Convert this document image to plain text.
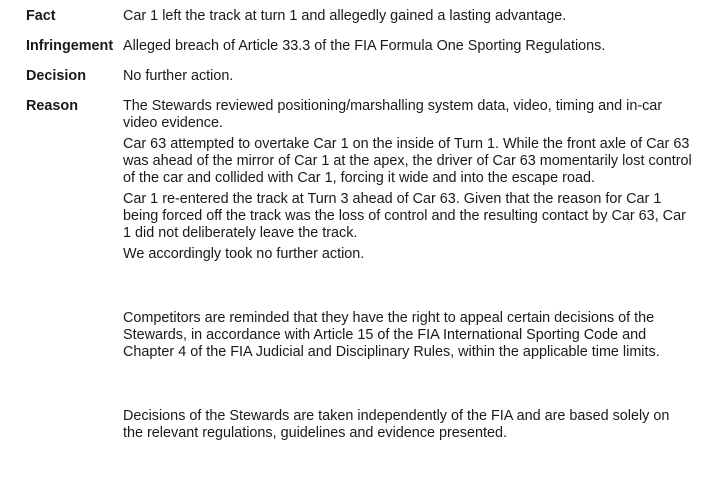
Fact	Car 1 left the track at turn 1 and allegedly gained a lasting advantage.
Infringement Alleged breach of Article 33.3 of the FIA Formula One Sporting Regulations.
Decision	No further action.
Reason	The Stewards reviewed positioning/marshalling system data, video, timing and in-car video evidence.

Car 63 attempted to overtake Car 1 on the inside of Turn 1. While the front axle of Car 63 was ahead of the mirror of Car 1 at the apex, the driver of Car 63 momentarily lost control of the car and collided with Car 1, forcing it wide and into the escape road.

Car 1 re-entered the track at Turn 3 ahead of Car 63. Given that the reason for Car 1 being forced off the track was the loss of control and the resulting contact by Car 63, Car 1 did not deliberately leave the track.

We accordingly took no further action.

Competitors are reminded that they have the right to appeal certain decisions of the Stewards, in accordance with Article 15 of the FIA International Sporting Code and Chapter 4 of the FIA Judicial and Disciplinary Rules, within the applicable time limits.

Decisions of the Stewards are taken independently of the FIA and are based solely on the relevant regulations, guidelines and evidence presented.
